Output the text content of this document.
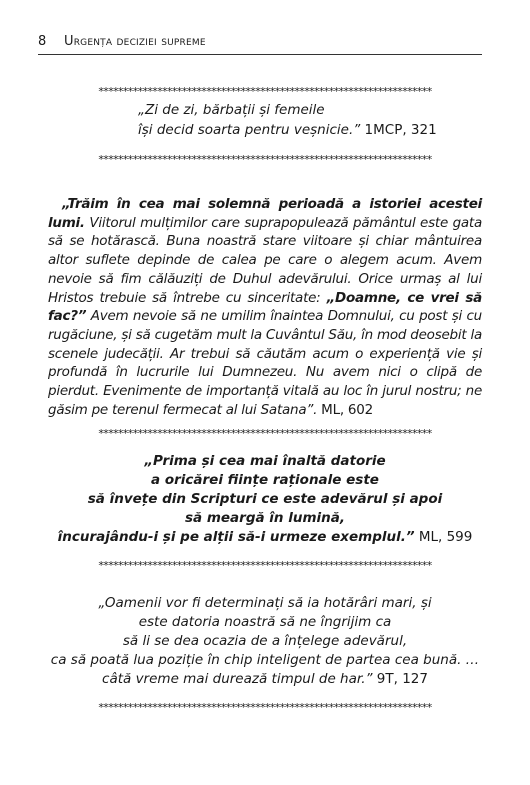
8 Urgența deciziei supreme
********************************************************************
„Zi de zi, bărbații și femeile
își decid soarta pentru veșnicie.” 1MCP, 321
********************************************************************
„Trăim în cea mai solemnă perioadă a istoriei acestei lumi. Viitorul mulțimilor care suprapopulează pământul este gata să se hotărască. Buna noastră stare viitoare și chiar mântuirea altor suflete depinde de calea pe care o alegem acum. Avem nevoie să fim călăuziți de Duhul adevărului. Orice urmaș al lui Hristos trebuie să întrebe cu sinceritate: „Doamne, ce vrei să fac?” Avem nevoie să ne umilim înaintea Domnului, cu post și cu rugăciune, și să cugetăm mult la Cuvântul Său, în mod deosebit la scenele judecății. Ar trebui să căutăm acum o experiență vie și profundă în lucrurile lui Dumnezeu. Nu avem nici o clipă de pierdut. Evenimente de importanță vitală au loc în jurul nostru; ne găsim pe terenul fermecat al lui Satana”. ML, 602
********************************************************************
„Prima și cea mai înaltă datorie
a oricărei ființe raționale este
să învețe din Scripturi ce este adevărul și apoi
să meargă în lumină,
încurajându-i și pe alții să-i urmeze exemplul.” ML, 599
********************************************************************
„Oamenii vor fi determinați să ia hotărâri mari, și
este datoria noastră să ne îngrijim ca
să li se dea ocazia de a înțelege adevărul,
ca să poată lua poziție în chip inteligent de partea cea bună. …
câtă vreme mai durează timpul de har.” 9T, 127
********************************************************************
